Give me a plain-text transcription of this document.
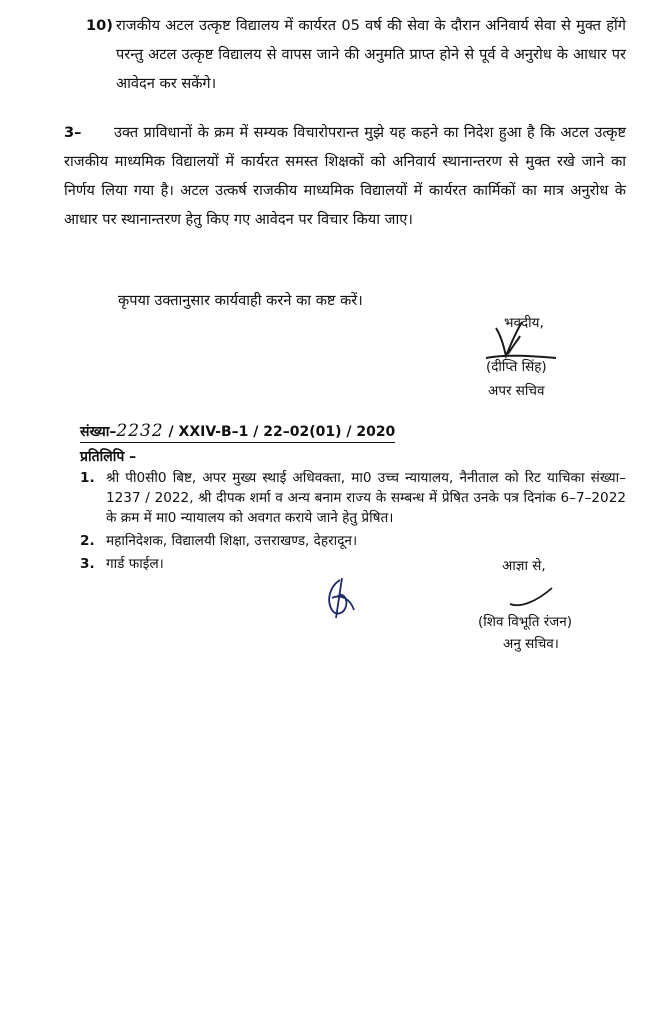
10) राजकीय अटल उत्कृष्ट विद्यालय में कार्यरत 05 वर्ष की सेवा के दौरान अनिवार्य सेवा से मुक्त होंगे परन्तु अटल उत्कृष्ट विद्यालय से वापस जाने की अनुमति प्राप्त होने से पूर्व वे अनुरोध के आधार पर आवेदन कर सकेंगे।
3– उक्त प्राविधानों के क्रम में सम्यक विचारोपरान्त मुझे यह कहने का निदेश हुआ है कि अटल उत्कृष्ट राजकीय माध्यमिक विद्यालयों में कार्यरत समस्त शिक्षकों को अनिवार्य स्थानान्तरण से मुक्त रखे जाने का निर्णय लिया गया है। अटल उत्कर्ष राजकीय माध्यमिक विद्यालयों में कार्यरत कार्मिकों का मात्र अनुरोध के आधार पर स्थानान्तरण हेतु किए गए आवेदन पर विचार किया जाए।

कृपया उक्तानुसार कार्यवाही करने का कष्ट करें।

भवदीय,
(दीप्ति सिंह)
अपर सचिव
संख्या–2232 / XXIV-B–1 / 22–02(01) / 2020

प्रतिलिपि –

1. श्री पी0सी0 बिष्ट, अपर मुख्य स्थाई अधिवक्ता, मा0 उच्च न्यायालय, नैनीताल को रिट याचिका संख्या–1237 / 2022, श्री दीपक शर्मा व अन्य बनाम राज्य के सम्बन्ध में प्रेषित उनके पत्र दिनांक 6–7–2022 के क्रम में मा0 न्यायालय को अवगत कराये जाने हेतु प्रेषित।
2. महानिदेशक, विद्यालयी शिक्षा, उत्तराखण्ड, देहरादून।
3. गार्ड फाईल।	आज्ञा से,

(शिव विभूति रंजन)
अनु सचिव।
